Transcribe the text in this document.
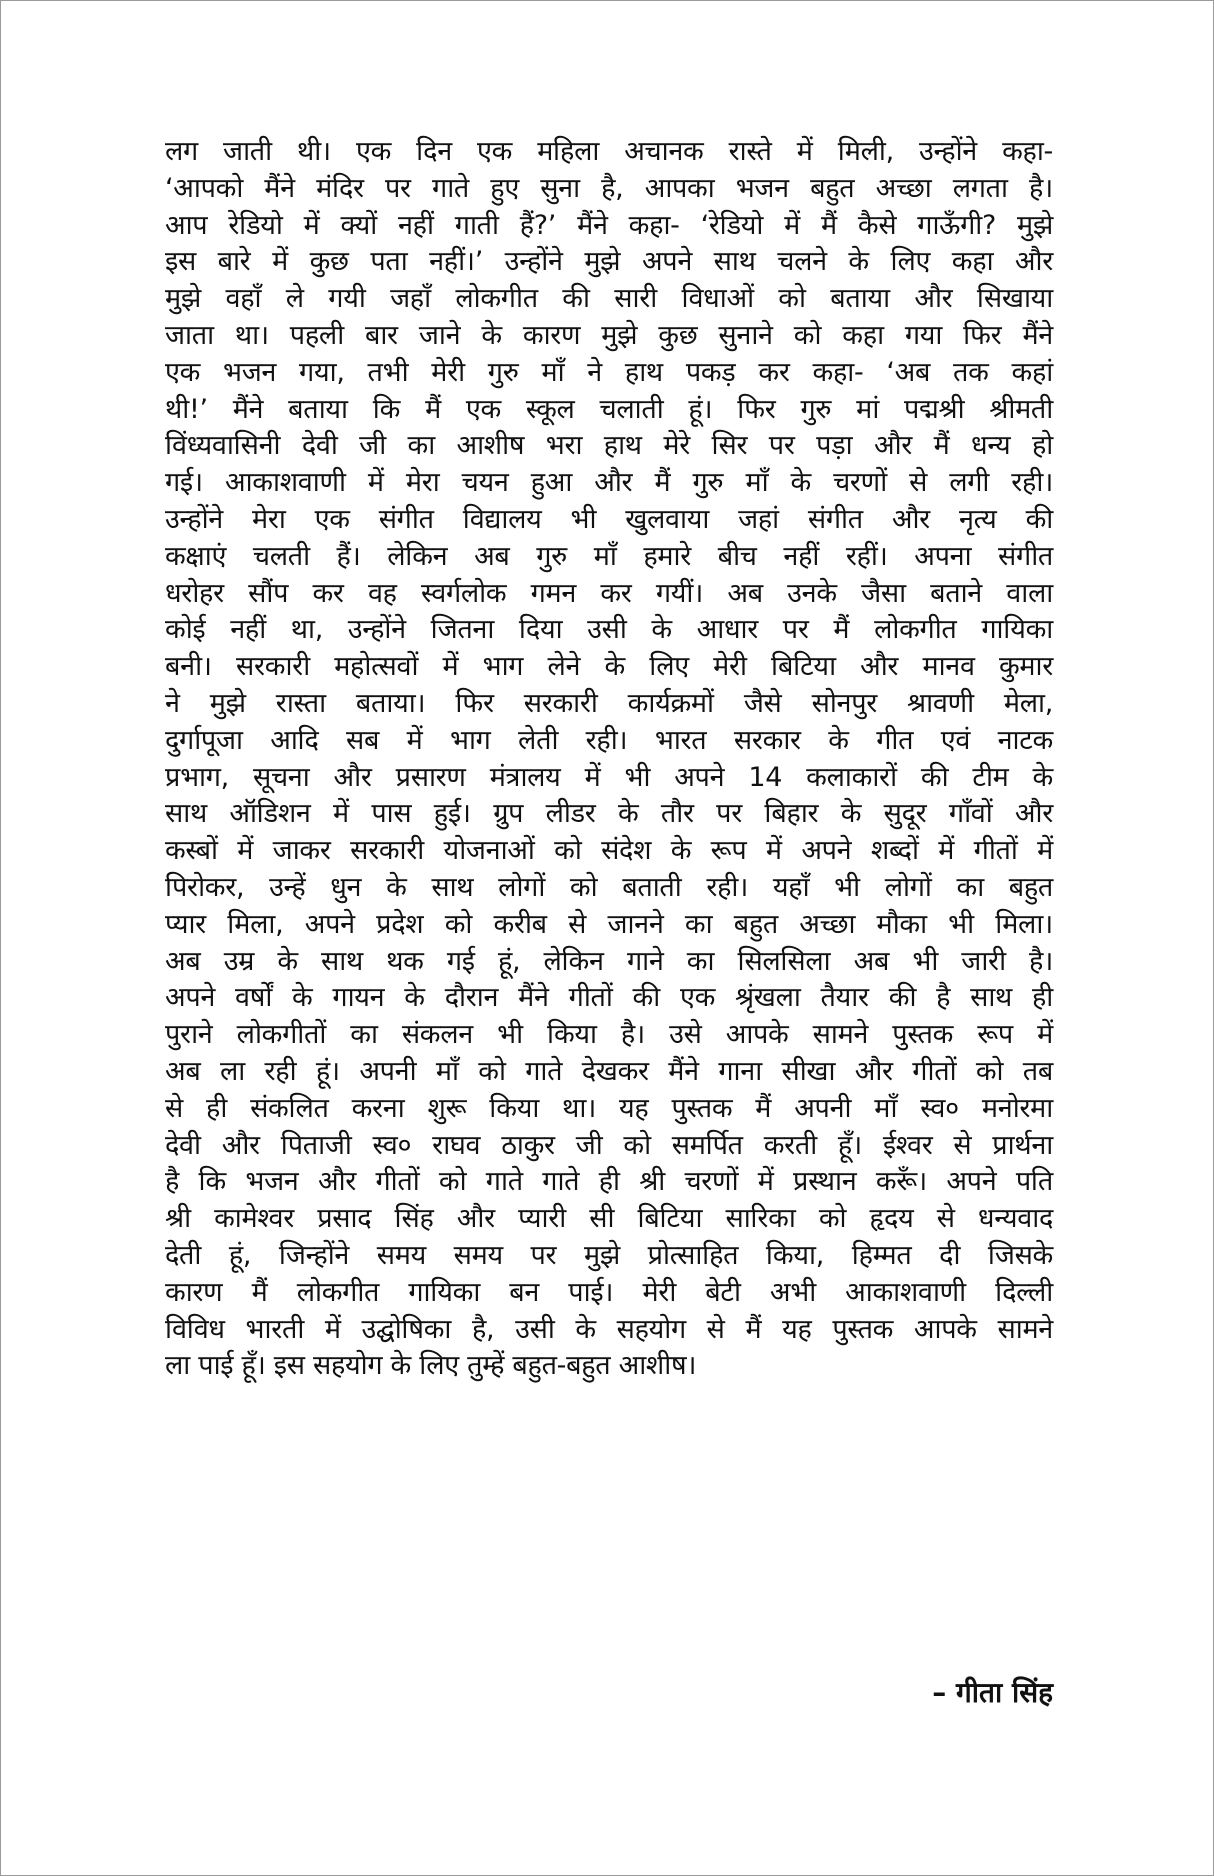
लग जाती थी। एक दिन एक महिला अचानक रास्ते में मिली, उन्होंने कहा-
‘आपको मैंने मंदिर पर गाते हुए सुना है, आपका भजन बहुत अच्छा लगता है।
आप रेडियो में क्यों नहीं गाती हैं?’ मैंने कहा- ‘रेडियो में मैं कैसे गाऊँगी? मुझे
इस बारे में कुछ पता नहीं।’ उन्होंने मुझे अपने साथ चलने के लिए कहा और
मुझे वहाँ ले गयी जहाँ लोकगीत की सारी विधाओं को बताया और सिखाया
जाता था। पहली बार जाने के कारण मुझे कुछ सुनाने को कहा गया फिर मैंने
एक भजन गया, तभी मेरी गुरु माँ ने हाथ पकड़ कर कहा- ‘अब तक कहां
थी!’ मैंने बताया कि मैं एक स्कूल चलाती हूं। फिर गुरु मां पद्मश्री श्रीमती
विंध्यवासिनी देवी जी का आशीष भरा हाथ मेरे सिर पर पड़ा और मैं धन्य हो
गई। आकाशवाणी में मेरा चयन हुआ और मैं गुरु माँ के चरणों से लगी रही।
उन्होंने मेरा एक संगीत विद्यालय भी खुलवाया जहां संगीत और नृत्य की
कक्षाएं चलती हैं। लेकिन अब गुरु माँ हमारे बीच नहीं रहीं। अपना संगीत
धरोहर सौंप कर वह स्वर्गलोक गमन कर गयीं। अब उनके जैसा बताने वाला
कोई नहीं था, उन्होंने जितना दिया उसी के आधार पर मैं लोकगीत गायिका
बनी। सरकारी महोत्सवों में भाग लेने के लिए मेरी बिटिया और मानव कुमार
ने मुझे रास्ता बताया। फिर सरकारी कार्यक्रमों जैसे सोनपुर श्रावणी मेला,
दुर्गापूजा आदि सब में भाग लेती रही। भारत सरकार के गीत एवं नाटक
प्रभाग, सूचना और प्रसारण मंत्रालय में भी अपने 14 कलाकारों की टीम के
साथ ऑडिशन में पास हुई। ग्रुप लीडर के तौर पर बिहार के सुदूर गाँवों और
कस्बों में जाकर सरकारी योजनाओं को संदेश के रूप में अपने शब्दों में गीतों में
पिरोकर, उन्हें धुन के साथ लोगों को बताती रही। यहाँ भी लोगों का बहुत
प्यार मिला, अपने प्रदेश को करीब से जानने का बहुत अच्छा मौका भी मिला।
अब उम्र के साथ थक गई हूं, लेकिन गाने का सिलसिला अब भी जारी है।
अपने वर्षों के गायन के दौरान मैंने गीतों की एक श्रृंखला तैयार की है साथ ही
पुराने लोकगीतों का संकलन भी किया है। उसे आपके सामने पुस्तक रूप में
अब ला रही हूं। अपनी माँ को गाते देखकर मैंने गाना सीखा और गीतों को तब
से ही संकलित करना शुरू किया था। यह पुस्तक मैं अपनी माँ स्व० मनोरमा
देवी और पिताजी स्व० राघव ठाकुर जी को समर्पित करती हूँ। ईश्वर से प्रार्थना
है कि भजन और गीतों को गाते गाते ही श्री चरणों में प्रस्थान करूँ। अपने पति
श्री कामेश्वर प्रसाद सिंह और प्यारी सी बिटिया सारिका को हृदय से धन्यवाद
देती हूं, जिन्होंने समय समय पर मुझे प्रोत्साहित किया, हिम्मत दी जिसके
कारण मैं लोकगीत गायिका बन पाई। मेरी बेटी अभी आकाशवाणी दिल्ली
विविध भारती में उद्घोषिका है, उसी के सहयोग से मैं यह पुस्तक आपके सामने
ला पाई हूँ। इस सहयोग के लिए तुम्हें बहुत-बहुत आशीष।
– गीता सिंह
